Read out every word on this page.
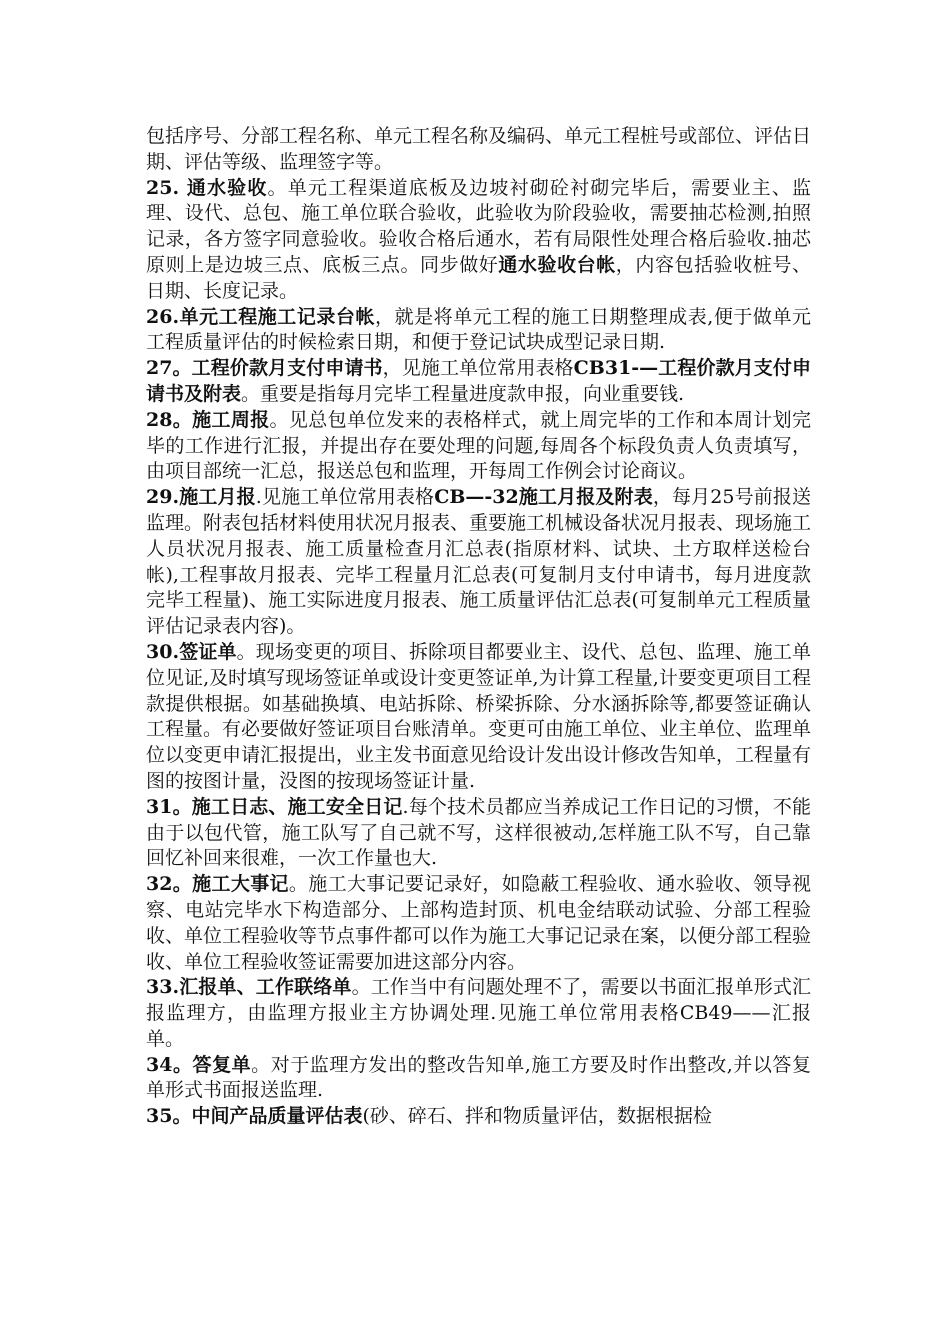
包括序号、分部工程名称、单元工程名称及编码、单元工程桩号或部位、评估日期、评估等级、监理签字等。

25. 通水验收。单元工程渠道底板及边坡衬砌砼衬砌完毕后，需要业主、监理、设代、总包、施工单位联合验收，此验收为阶段验收，需要抽芯检测,拍照记录，各方签字同意验收。验收合格后通水，若有局限性处理合格后验收.抽芯原则上是边坡三点、底板三点。同步做好通水验收台帐，内容包括验收桩号、日期、长度记录。

26.单元工程施工记录台帐，就是将单元工程的施工日期整理成表,便于做单元工程质量评估的时候检索日期，和便于登记试块成型记录日期.

27。工程价款月支付申请书，见施工单位常用表格CB31-—工程价款月支付申请书及附表。重要是指每月完毕工程量进度款申报，向业重要钱.

28。施工周报。见总包单位发来的表格样式，就上周完毕的工作和本周计划完毕的工作进行汇报，并提出存在要处理的问题,每周各个标段负责人负责填写，由项目部统一汇总，报送总包和监理，开每周工作例会讨论商议。

29.施工月报.见施工单位常用表格CB—-32施工月报及附表，每月25号前报送监理。附表包括材料使用状况月报表、重要施工机械设备状况月报表、现场施工人员状况月报表、施工质量检查月汇总表(指原材料、试块、土方取样送检台帐),工程事故月报表、完毕工程量月汇总表(可复制月支付申请书，每月进度款完毕工程量)、施工实际进度月报表、施工质量评估汇总表(可复制单元工程质量评估记录表内容)。

30.签证单。现场变更的项目、拆除项目都要业主、设代、总包、监理、施工单位见证,及时填写现场签证单或设计变更签证单,为计算工程量,计要变更项目工程款提供根据。如基础换填、电站拆除、桥梁拆除、分水涵拆除等,都要签证确认工程量。有必要做好签证项目台账清单。变更可由施工单位、业主单位、监理单位以变更申请汇报提出，业主发书面意见给设计发出设计修改告知单，工程量有图的按图计量，没图的按现场签证计量.

31。施工日志、施工安全日记.每个技术员都应当养成记工作日记的习惯，不能由于以包代管，施工队写了自己就不写，这样很被动,怎样施工队不写，自己靠回忆补回来很难，一次工作量也大.

32。施工大事记。施工大事记要记录好，如隐蔽工程验收、通水验收、领导视察、电站完毕水下构造部分、上部构造封顶、机电金结联动试验、分部工程验收、单位工程验收等节点事件都可以作为施工大事记记录在案，以便分部工程验收、单位工程验收签证需要加进这部分内容。

33.汇报单、工作联络单。工作当中有问题处理不了，需要以书面汇报单形式汇报监理方，由监理方报业主方协调处理.见施工单位常用表格CB49——汇报单。

34。答复单。对于监理方发出的整改告知单,施工方要及时作出整改,并以答复单形式书面报送监理.

35。中间产品质量评估表(砂、碎石、拌和物质量评估，数据根据检
